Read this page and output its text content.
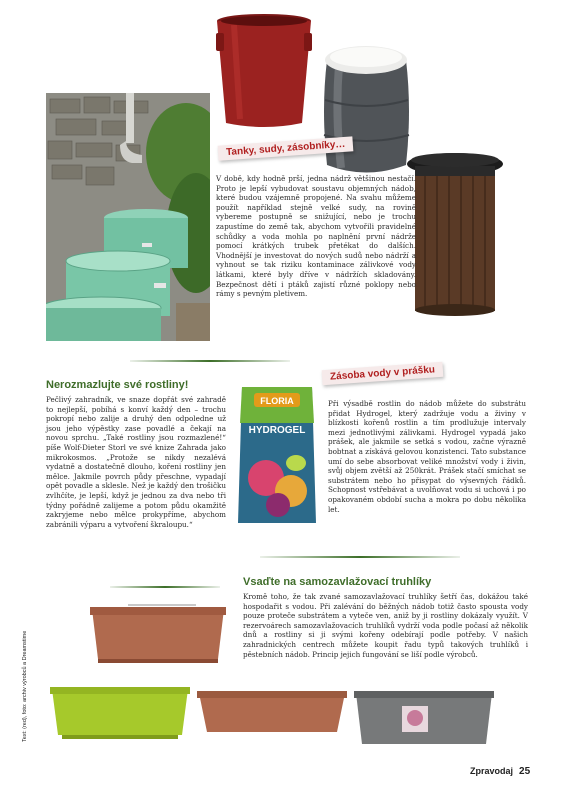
Tanky, sudy, zásobníky…
V době, kdy hodně prší, jedna nádrž většinou nestačí. Proto je lepší vybudovat soustavu objemných nádob, které budou vzájemně propojené. Na svahu můžeme použít například stejně velké sudy, na rovině vybereme postupně se snižující, nebo je trochu zapustíme do země tak, abychom vytvořili pravidelné schůdky a voda mohla po naplnění první nádrže pomocí krátkých trubek přetékat do dalších. Vhodnější je investovat do nových sudů nebo nádrží a vyhnout se tak riziku kontaminace zálivkové vody látkami, které byly dříve v nádržích skladovány. Bezpečnost dětí i ptáků zajistí různé poklopy nebo rámy s pevným pletivem.
Nerozmazlujte své rostliny!
Pečlivý zahradník, ve snaze dopřát své zahradě to nejlepší, pobíhá s konví každý den – trochu pokropí nebo zalije a druhý den odpoledne už jsou jeho výpěstky zase povadlé a čekají na novou sprchu. „Také rostliny jsou rozmazlené!“ píše Wolf-Dieter Storl ve své knize Zahrada jako mikrokosmos. „Protože se nikdy nezalévá vydatně a dostatečně dlouho, kořeni rostliny jen mělce. Jakmile povrch půdy přeschne, vypadají opět povadle a sklesle. Než je každý den trošičku zvlhčíte, je lepší, když je jednou za dva nebo tři týdny pořádně zalijeme a potom půdu okamžitě zakryjeme nebo mělce prokypříme, abychom zabránili výparu a vytvoření škraloupu.“
FLORIA
HYDROGEL
Zásoba vody v prášku
Při výsadbě rostlin do nádob můžete do substrátu přidat Hydrogel, který zadržuje vodu a živiny v blízkosti kořenů rostlin a tím prodlužuje intervaly mezi jednotlivými zálivkami. Hydrogel vypadá jako prášek, ale jakmile se setká s vodou, začne výrazně bobtnat a získává gelovou konzistenci. Tato substance umí do sebe absorbovat veliké množství vody i živin, svůj objem zvětší až 250krát. Prášek stačí smíchat se substrátem nebo ho přisypat do výsevných řádků. Schopnost vstřebávat a uvolňovat vodu si uchová i po opakovaném období sucha a mokra po dobu několika let.
Vsaďte na samozavlažovací truhlíky
Kromě toho, že tak zvané samozavlažovací truhlíky šetří čas, dokážou také hospodařit s vodou. Při zalévání do běžných nádob totiž často spousta vody pouze proteče substrátem a vyteče ven, aniž by ji rostliny dokázaly využít. V rezervoárech samozavlažovacích truhlíků vydrží voda podle počasí až několik dnů a rostliny si ji svými kořeny odebírají podle potřeby. V našich zahradnických centrech můžete koupit řadu typů takových truhlíků i pěstebních nádob. Princip jejich fungování se liší podle výrobců.
Text: (red), foto: archiv výrobců a Dreamstime
Zpravodaj 25
